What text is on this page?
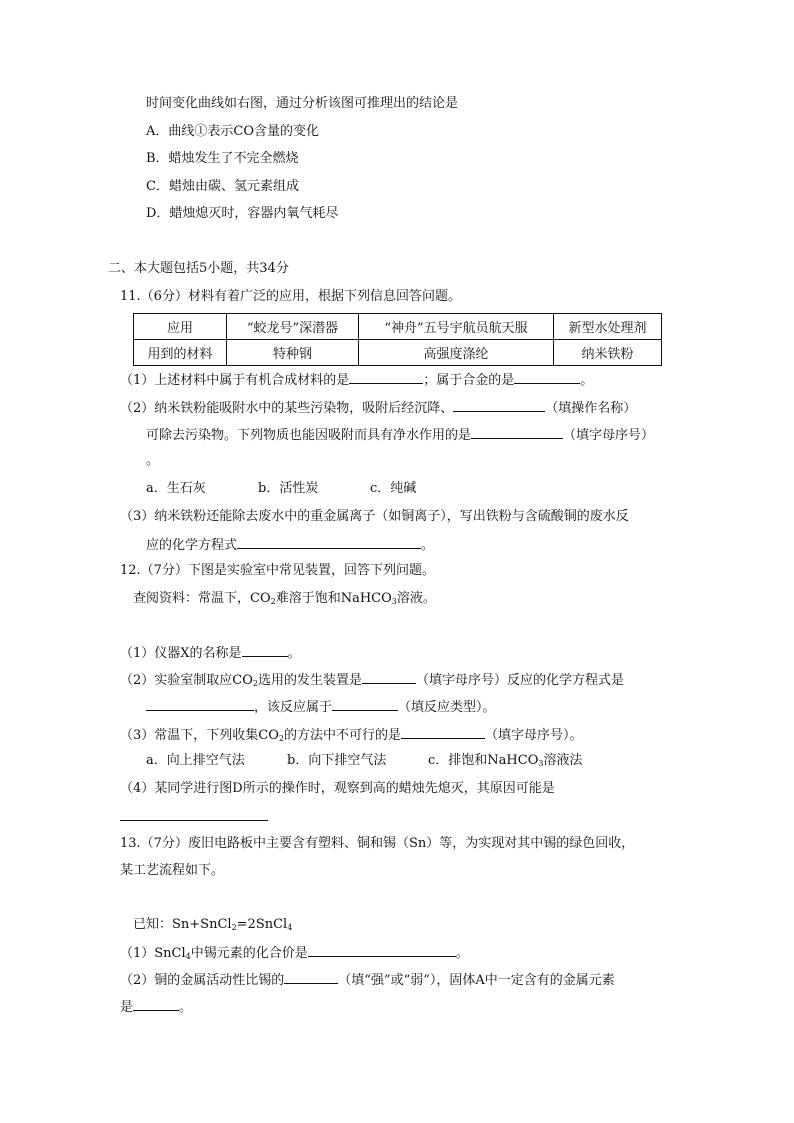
时间变化曲线如右图，通过分析该图可推理出的结论是
A．曲线①表示CO含量的变化
B．蜡烛发生了不完全燃烧
C．蜡烛由碳、氢元素组成
D．蜡烛熄灭时，容器内氧气耗尽
二、本大题包括5小题，共34分
11.（6分）材料有着广泛的应用，根据下列信息回答问题。
应用	“蛟龙号”深潜器	“神舟”五号宇航员航天服	新型水处理剂
用到的材料	特种钢	高强度涤纶	纳米铁粉
（1）上述材料中属于有机合成材料的是	；属于合金的是	。
（2）纳米铁粉能吸附水中的某些污染物，吸附后经沉降、	（填操作名称）
可除去污染物。下列物质也能因吸附而具有净水作用的是	（填字母序号）
。
a．生石灰	b．活性炭	c．纯碱
（3）纳米铁粉还能除去废水中的重金属离子（如铜离子），写出铁粉与含硫酸铜的废水反
应的化学方程式	。
12.（7分）下图是实验室中常见装置，回答下列问题。
查阅资料：常温下，$CO_2$难溶于饱和NaHCO$_3$溶液。
（1）仪器X的名称是	。
（2）实验室制取应$CO_2$选用的发生装置是	（填字母序号）反应的化学方程式是
，该反应属于	（填反应类型）。
（3）常温下，下列收集$CO_2$的方法中不可行的是	（填字母序号）。
a．向上排空气法	b．向下排空气法	c．排饱和NaHCO$_3$溶液法
（4）某同学进行图D所示的操作时，观察到高的蜡烛先熄灭，其原因可能是
13.（7分）废旧电路板中主要含有塑料、铜和锡（Sn）等，为实现对其中锡的绿色回收，
某工艺流程如下。
已知：Sn+SnCl$_2$=2SnCl$_4$
（1）SnCl$_4$中锡元素的化合价是	。
（2）铜的金属活动性比锡的	（填“强”或“弱”），固体A中一定含有的金属元素
是	。
